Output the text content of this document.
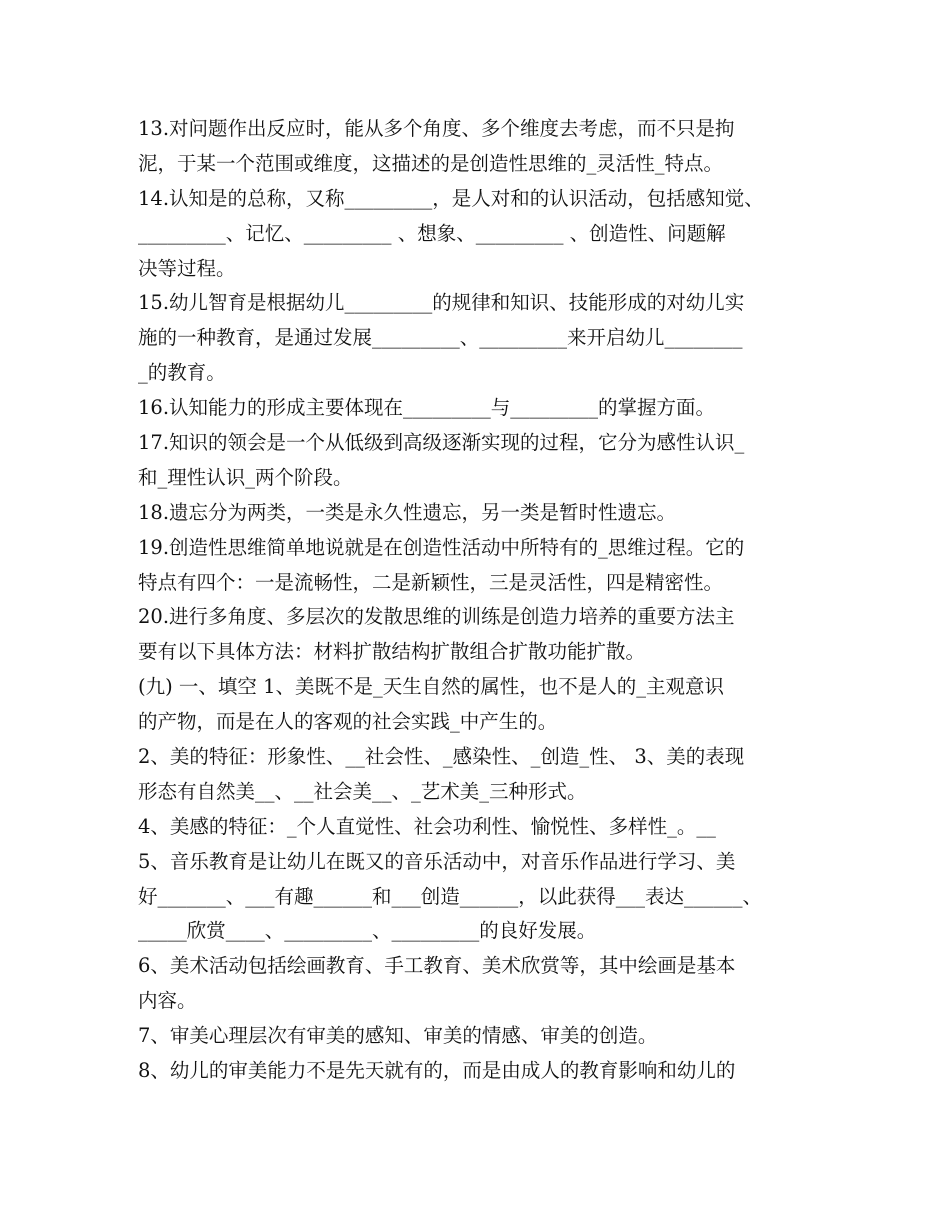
13.对问题作出反应时，能从多个角度、多个维度去考虑，而不只是拘
泥，于某一个范围或维度，这描述的是创造性思维的_灵活性_特点。
14.认知是的总称，又称_________，是人对和的认识活动，包括感知觉、
_________、记忆、_________ 、想象、_________ 、创造性、问题解
决等过程。
15.幼儿智育是根据幼儿_________的规律和知识、技能形成的对幼儿实
施的一种教育，是通过发展_________、_________来开启幼儿________
_的教育。
16.认知能力的形成主要体现在_________与_________的掌握方面。
17.知识的领会是一个从低级到高级逐渐实现的过程，它分为感性认识_
和_理性认识_两个阶段。
18.遗忘分为两类，一类是永久性遗忘，另一类是暂时性遗忘。
19.创造性思维简单地说就是在创造性活动中所特有的_思维过程。它的
特点有四个：一是流畅性，二是新颖性，三是灵活性，四是精密性。
20.进行多角度、多层次的发散思维的训练是创造力培养的重要方法主
要有以下具体方法：材料扩散结构扩散组合扩散功能扩散。
(九) 一、填空 1、美既不是_天生自然的属性，也不是人的_主观意识
的产物，而是在人的客观的社会实践_中产生的。
2、美的特征：形象性、__社会性、_感染性、_创造_性、 3、美的表现
形态有自然美__、__社会美__、_艺术美_三种形式。
4、美感的特征：_个人直觉性、社会功利性、愉悦性、多样性_。__
5、音乐教育是让幼儿在既又的音乐活动中，对音乐作品进行学习、美
好_______、___有趣______和___创造______，以此获得___表达______、
_____欣赏____、_________、_________的良好发展。
6、美术活动包括绘画教育、手工教育、美术欣赏等，其中绘画是基本
内容。
7、审美心理层次有审美的感知、审美的情感、审美的创造。
8、幼儿的审美能力不是先天就有的，而是由成人的教育影响和幼儿的
